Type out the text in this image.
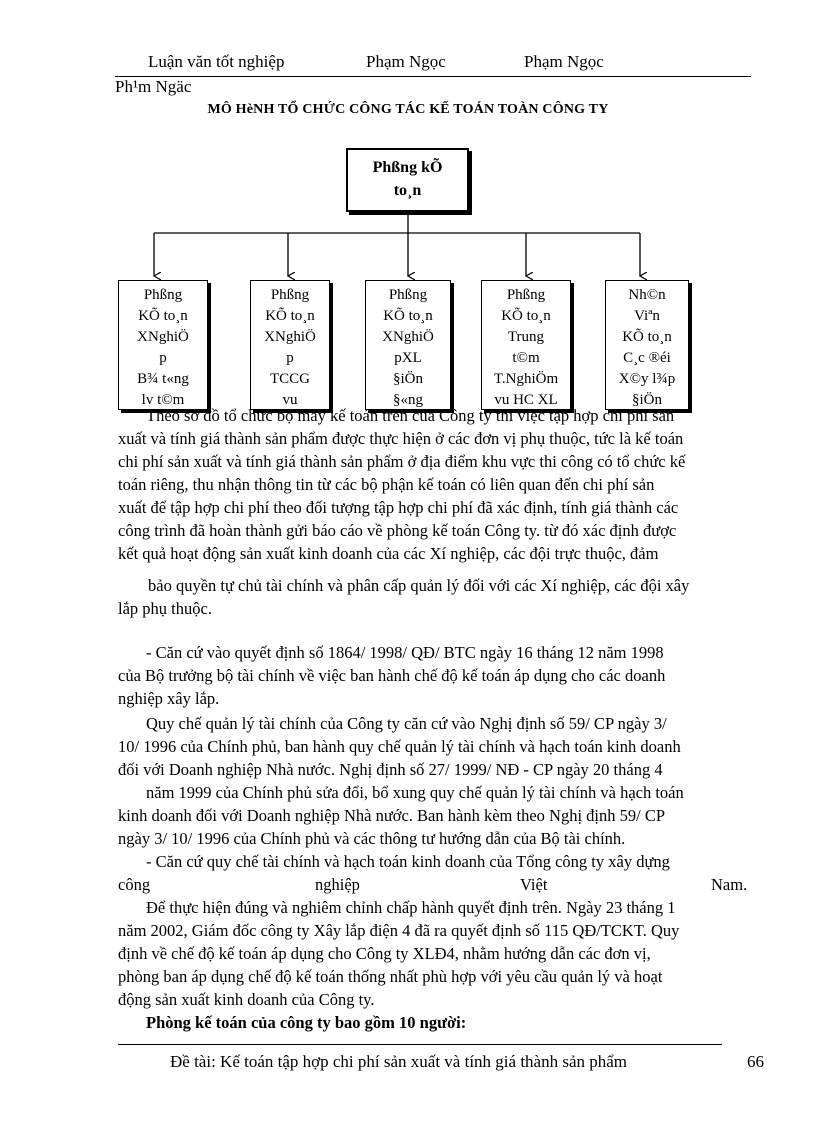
Luận văn tốt nghiệp	Phạm Ngọc	Phạm Ngọc
Ph¹m Ngäc
MÔ HèNH TỔ CHỨC CÔNG TÁC KẾ TOÁN TOÀN CÔNG TY
Phßng kÕ
to¸n
Phßng
KÕ to¸n
XNghiÖ
p
B¾ t«ng
lv t©m
Phßng
KÕ to¸n
XNghiÖ
p
TCCG
vu
Phßng
KÕ to¸n
XNghiÖ
pXL
§iÖn
§«ng
Phßng
KÕ to¸n
Trung
t©m
T.NghiÖm
vu HC XL
Nh©n
Viªn
KÕ to¸n
C¸c ®éi
X©y l¾p
§iÖn
Theo sơ đồ tổ chức bộ máy kế toán trên của Công ty thì việc tập hợp chi phí sản
xuất và tính giá thành sản phẩm được thực hiện ở các đơn vị phụ thuộc, tức là kế toán
chi phí sản xuất và tính giá thành sản phẩm ở địa điểm khu vực thi công có tổ chức kế
toán riêng, thu nhận thông tin từ các bộ phận kế toán có liên quan đến chi phí sản
xuất để tập hợp chi phí theo đối tượng tập hợp chi phí đã xác định, tính giá thành các
công trình đã hoàn thành gửi báo cáo về phòng kế toán Công ty. từ đó xác định được
kết quả hoạt động sản xuất kinh doanh của các Xí nghiệp, các đội trực thuộc, đảm
bảo quyền tự chủ tài chính và phân cấp quản lý đối với các Xí nghiệp, các đội xây
lắp phụ thuộc.
- Căn cứ vào quyết định số 1864/ 1998/ QĐ/ BTC ngày 16 tháng 12 năm 1998
của Bộ trưởng bộ tài chính về việc ban hành chế độ kế toán áp dụng cho các doanh
nghiệp xây lắp.
Quy chế quản lý tài chính của Công ty căn cứ vào Nghị định số 59/ CP ngày 3/
10/ 1996 của Chính phủ, ban hành quy chế quản lý tài chính và hạch toán kinh doanh
đối với Doanh nghiệp Nhà nước. Nghị định số 27/ 1999/ NĐ - CP ngày 20 tháng 4
năm 1999 của Chính phủ sửa đổi, bổ xung quy chế quản lý tài chính và hạch toán
kinh doanh đối với Doanh nghiệp Nhà nước. Ban hành kèm theo Nghị định 59/ CP
ngày 3/ 10/ 1996 của Chính phủ và các thông tư hướng dẫn của Bộ tài chính.
- Căn cứ quy chế tài chính và hạch toán kinh doanh của Tổng công ty xây dựng
công	nghiệp	Việt	Nam.
Để thực hiện đúng và nghiêm chỉnh chấp hành quyết định trên. Ngày 23 tháng 1
năm 2002, Giám đốc công ty Xây lắp điện 4 đã ra quyết định số 115 QĐ/TCKT. Quy
định về chế độ kế toán áp dụng cho Công ty XLĐ4, nhằm hướng dẫn các đơn vị,
phòng ban áp dụng chế độ kế toán thống nhất phù hợp với yêu cầu quản lý và hoạt
động sản xuất kinh doanh của Công ty.
Phòng kế toán của công ty bao gồm 10 người:
Đề tài: Kế toán tập hợp chi phí sản xuất và tính giá thành sản phẩm	66
